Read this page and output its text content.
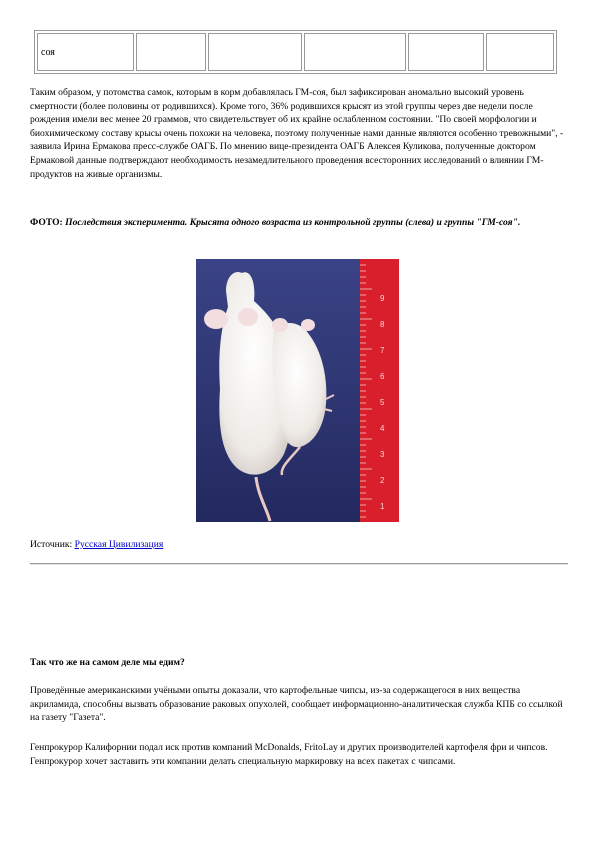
соя					

Таким образом, у потомства самок, которым в корм добавлялась ГМ-соя, был зафиксирован аномально высокий уровень смертности (более половины от родившихся). Кроме того, 36% родившихся крысят из этой группы через две недели после рождения имели вес менее 20 граммов, что свидетельствует об их крайне ослабленном состоянии. "По своей морфологии и биохимическому составу крысы очень похожи на человека, поэтому полученные нами данные являются особенно тревожными", - заявила Ирина Ермакова пресс-службе ОАГБ. По мнению вице-президента ОАГБ Алексея Куликова, полученные доктором Ермаковой данные подтверждают необходимость незамедлительного проведения всесторонних исследований о влиянии ГМ-продуктов на живые организмы.

ФОТО: Последствия эксперимента. Крысята одного возраста из контрольной группы (слева) и группы "ГМ-соя".

1
2
3
4
5
6
7
8
9

Источник: Русская Цивилизация

Так что же на самом деле мы едим?

Проведённые американскими учёными опыты доказали, что картофельные чипсы, из-за содержащегося в них вещества акриламида, способны вызвать образование раковых опухолей, сообщает информационно-аналитическая служба КПБ со ссылкой на газету "Газета".

Генпрокурор Калифорнии подал иск против компаний McDonalds, FritoLay и других производителей картофеля фри и чипсов. Генпрокурор хочет заставить эти компании делать специальную маркировку на всех пакетах с чипсами.
